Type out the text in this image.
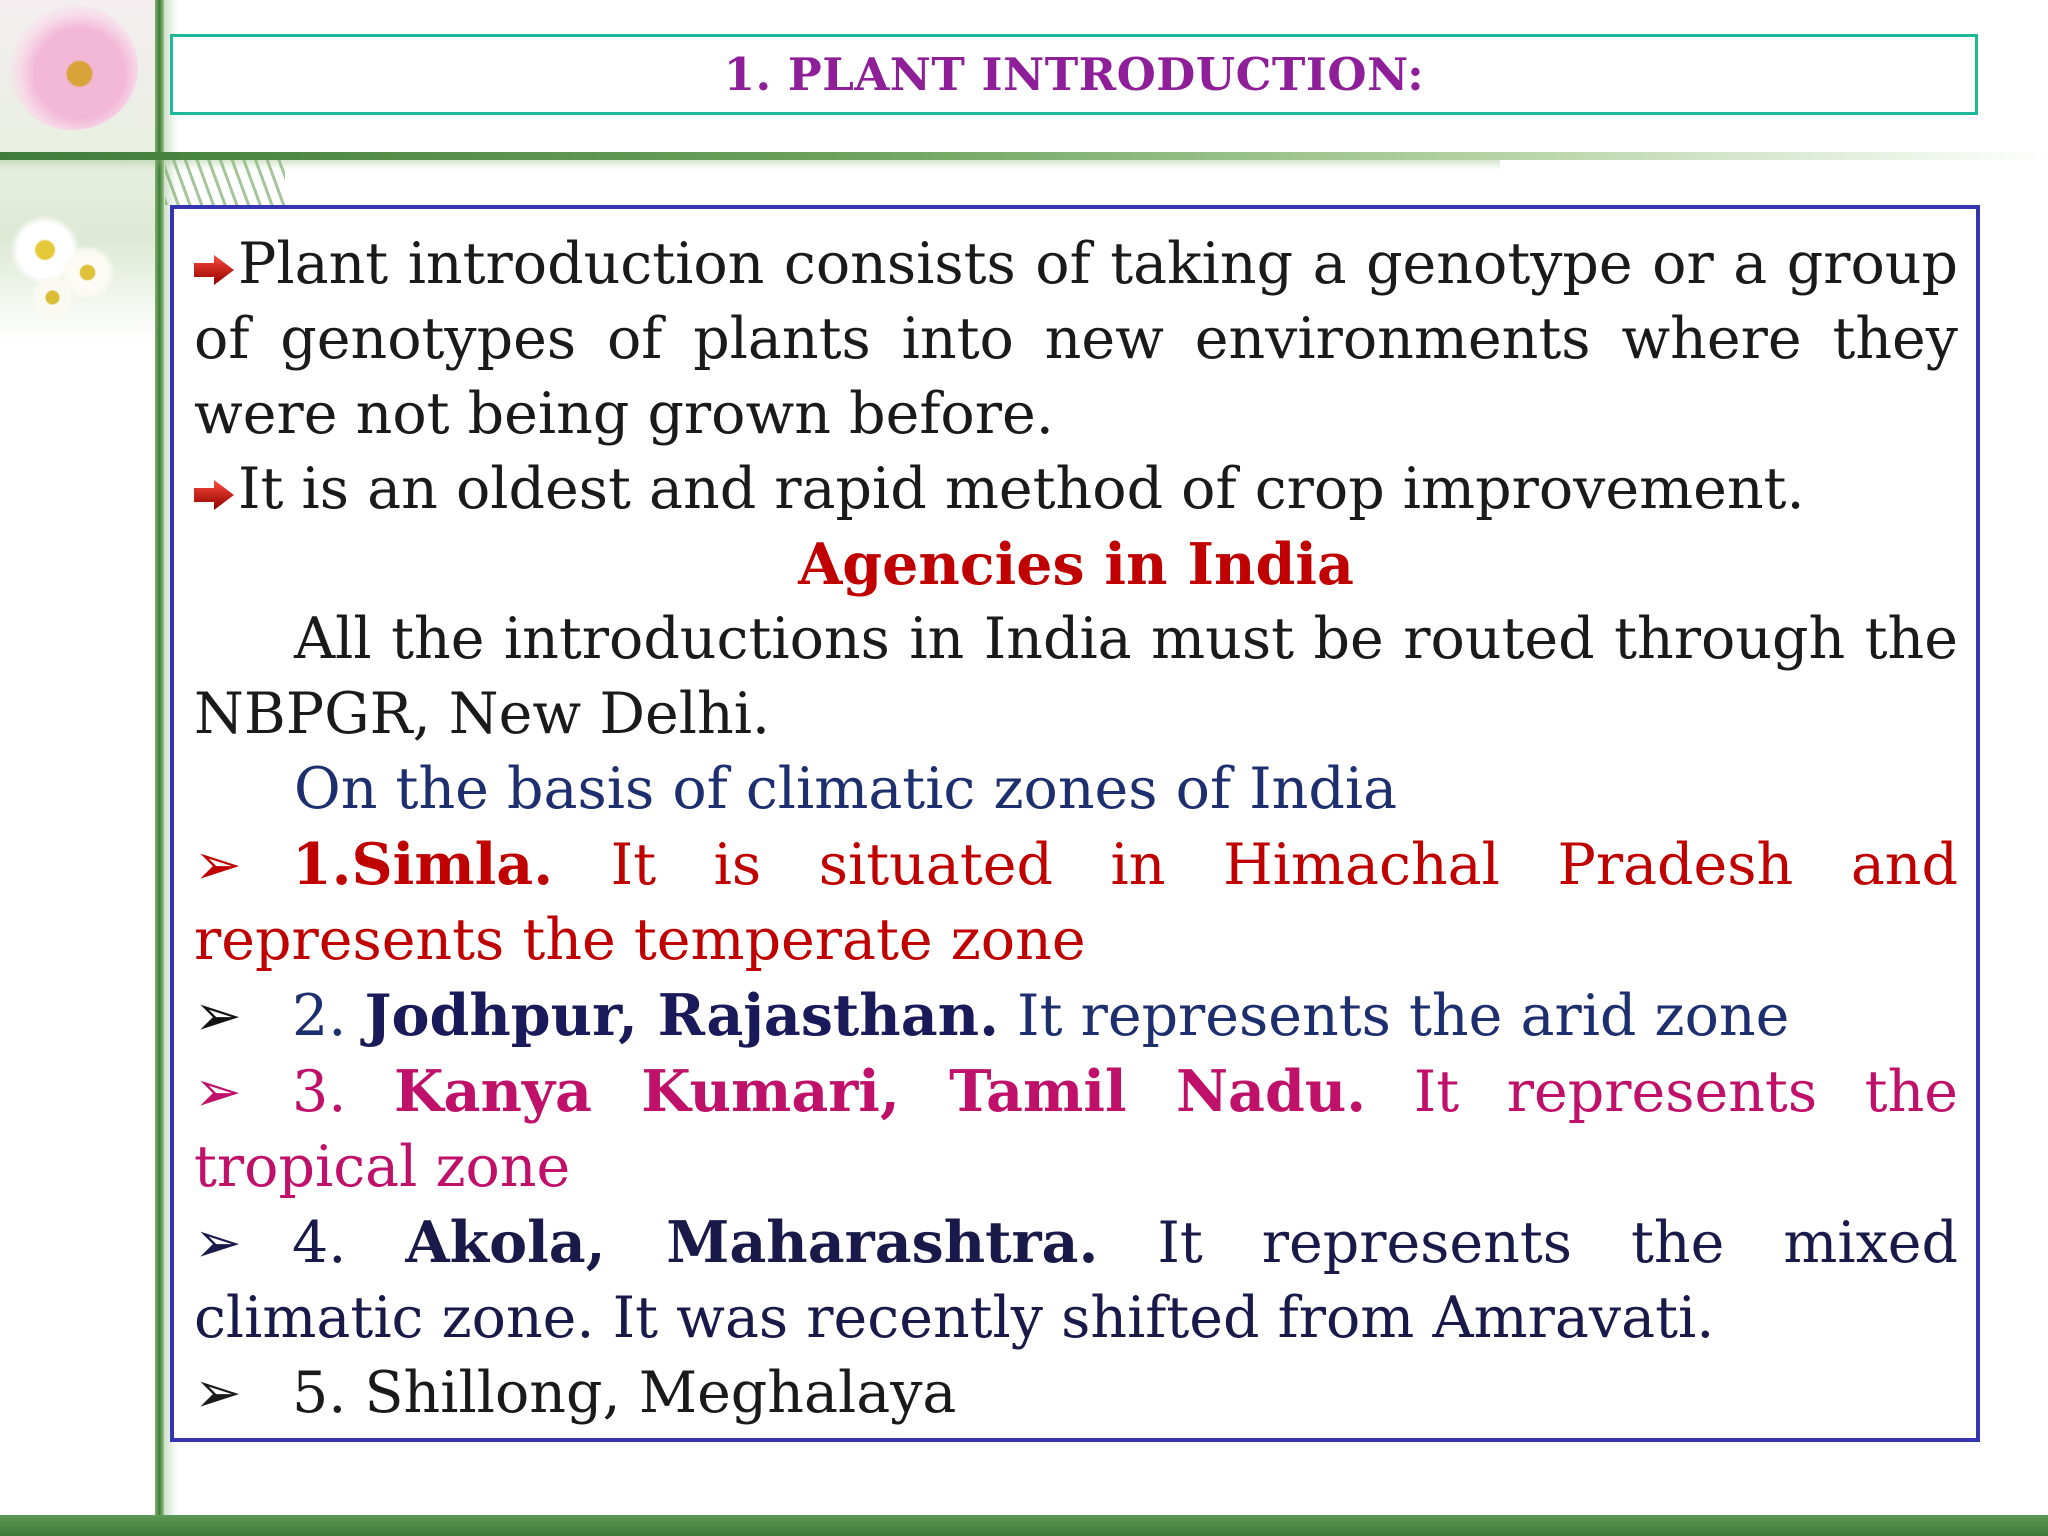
1. PLANT INTRODUCTION:
Plant introduction consists of taking a genotype or a group of genotypes of plants into new environments where they were not being grown before.
It is an oldest and rapid method of crop improvement.
Agencies in India
All the introductions in India must be routed through the NBPGR, New Delhi.
On the basis of climatic zones of India
➢ 1.Simla. It is situated in Himachal Pradesh and represents the temperate zone
➢ 2. Jodhpur, Rajasthan. It represents the arid zone
➢ 3. Kanya Kumari, Tamil Nadu. It represents the tropical zone
➢ 4. Akola, Maharashtra. It represents the mixed climatic zone. It was recently shifted from Amravati.
➢ 5. Shillong, Meghalaya
